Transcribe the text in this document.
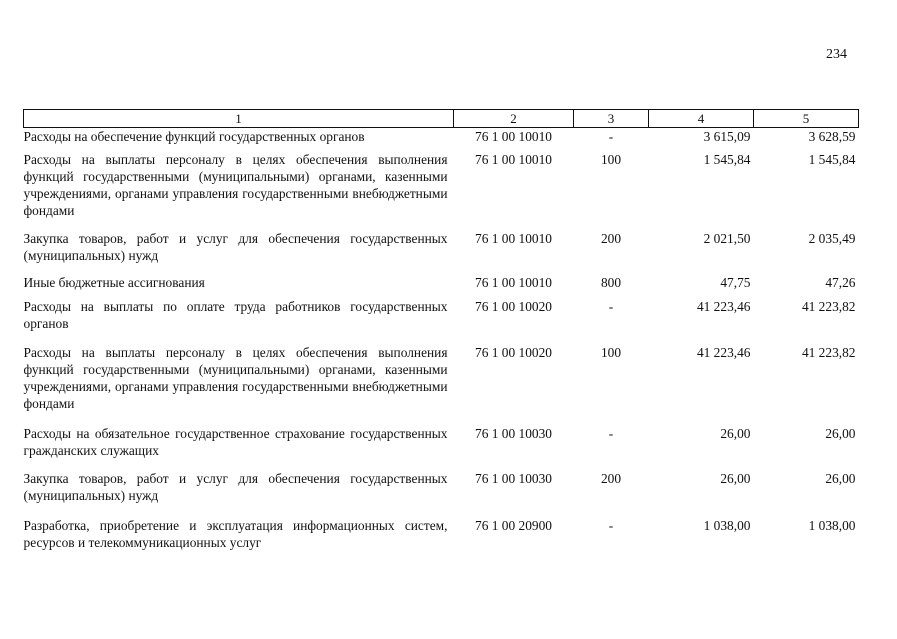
234
1	2	3	4	5
Расходы на обеспечение функций государственных органов	76 1 00 10010	-	3 615,09	3 628,59
Расходы на выплаты персоналу в целях обеспечения выполнения функций государственными (муниципальными) органами, казенными учреждениями, органами управления государственными внебюджетными фондами	76 1 00 10010	100	1 545,84	1 545,84
Закупка товаров, работ и услуг для обеспечения государственных (муниципальных) нужд	76 1 00 10010	200	2 021,50	2 035,49
Иные бюджетные ассигнования	76 1 00 10010	800	47,75	47,26
Расходы на выплаты по оплате труда работников государственных органов	76 1 00 10020	-	41 223,46	41 223,82
Расходы на выплаты персоналу в целях обеспечения выполнения функций государственными (муниципальными) органами, казенными учреждениями, органами управления государственными внебюджетными фондами	76 1 00 10020	100	41 223,46	41 223,82
Расходы на обязательное государственное страхование государственных гражданских служащих	76 1 00 10030	-	26,00	26,00
Закупка товаров, работ и услуг для обеспечения государственных (муниципальных) нужд	76 1 00 10030	200	26,00	26,00
Разработка, приобретение и эксплуатация информационных систем, ресурсов и телекоммуникационных услуг	76 1 00 20900	-	1 038,00	1 038,00
